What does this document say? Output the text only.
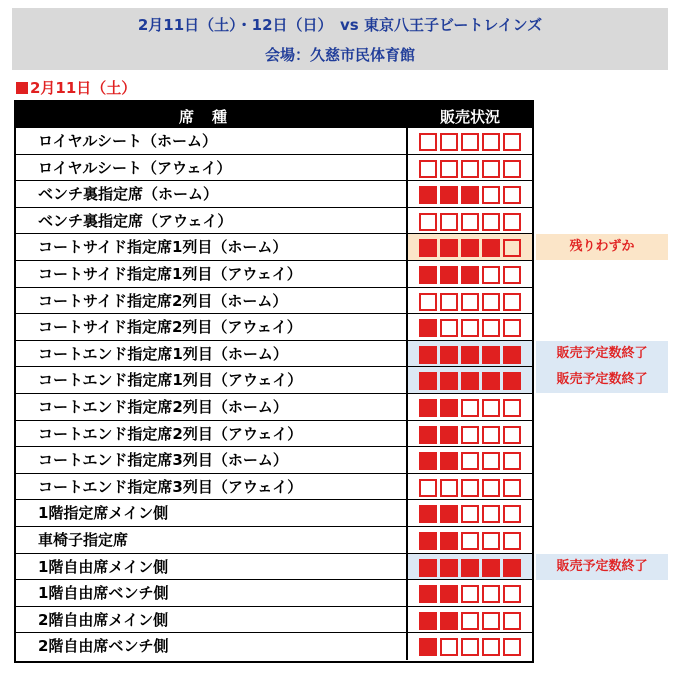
2月11日（土）・12日（日）　vs 東京八王子ビートレインズ
会場：久慈市民体育館
2月11日（土）
席種	販売状況
ロイヤルシート（ホーム）
ロイヤルシート（アウェイ）
ベンチ裏指定席（ホーム）
ベンチ裏指定席（アウェイ）
コートサイド指定席1列目（ホーム）
コートサイド指定席1列目（アウェイ）
コートサイド指定席2列目（ホーム）
コートサイド指定席2列目（アウェイ）
コートエンド指定席1列目（ホーム）
コートエンド指定席1列目（アウェイ）
コートエンド指定席2列目（ホーム）
コートエンド指定席2列目（アウェイ）
コートエンド指定席3列目（ホーム）
コートエンド指定席3列目（アウェイ）
1階指定席メイン側
車椅子指定席
1階自由席メイン側
1階自由席ベンチ側
2階自由席メイン側
2階自由席ベンチ側
残りわずか
販売予定数終了
販売予定数終了
販売予定数終了
